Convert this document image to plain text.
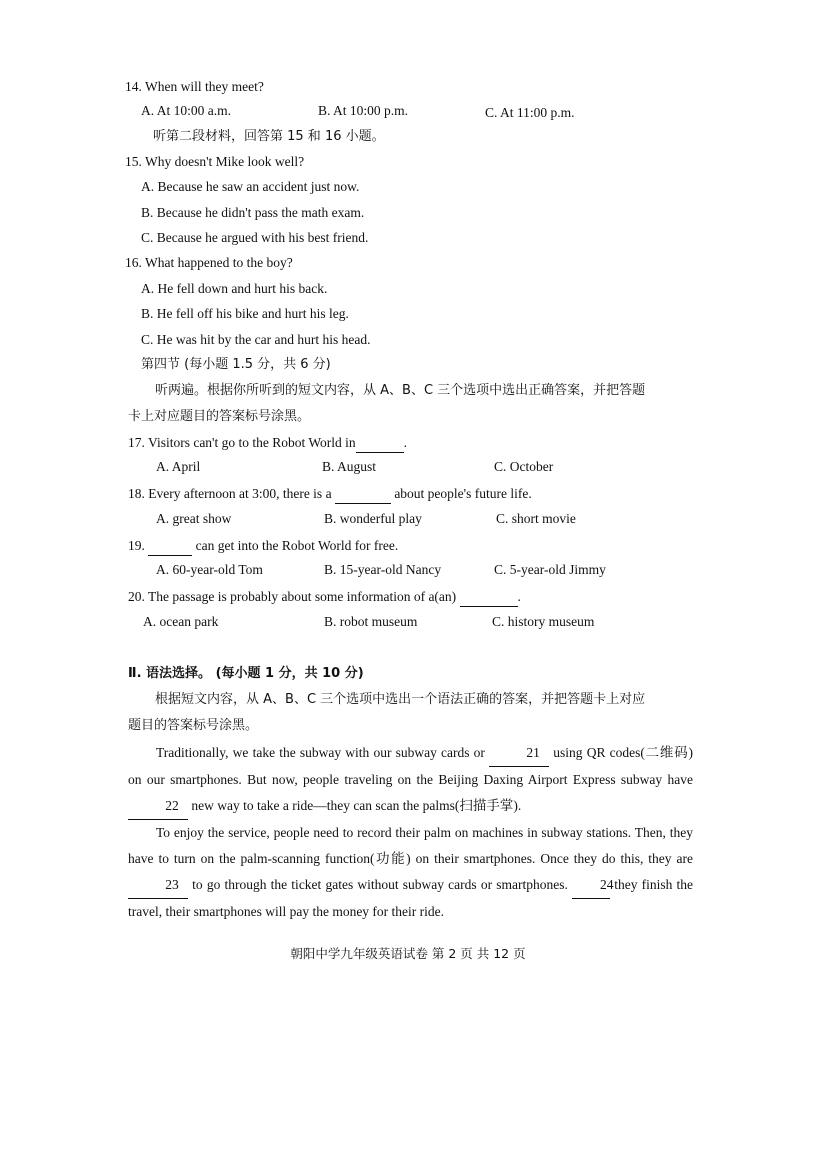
14. When will they meet?
A. At 10:00 a.m.	B. At 10:00 p.m.	C. At 11:00 p.m.
听第二段材料，回答第 15 和 16 小题。
15. Why doesn't Mike look well?
A. Because he saw an accident just now.
B. Because he didn't pass the math exam.
C. Because he argued with his best friend.
16. What happened to the boy?
A. He fell down and hurt his back.
B. He fell off his bike and hurt his leg.
C. He was hit by the car and hurt his head.
第四节 (每小题 1.5 分，共 6 分)
听两遍。根据你所听到的短文内容，从 A、B、C 三个选项中选出正确答案，并把答题
卡上对应题目的答案标号涂黑。
17. Visitors can't go to the Robot World in	.
A. April	B. August	C. October
18. Every afternoon at 3:00, there is a	about people's future life.
A. great show	B. wonderful play	C. short movie
19.	can get into the Robot World for free.
A. 60-year-old Tom	B. 15-year-old Nancy	C. 5-year-old Jimmy
20. The passage is probably about some information of a(an)	.
A. ocean park	B. robot museum	C. history museum
Ⅱ. 语法选择。 (每小题 1 分，共 10 分)
根据短文内容，从 A、B、C 三个选项中选出一个语法正确的答案，并把答题卡上对应
题目的答案标号涂黑。

Traditionally, we take the subway with our subway cards or	21 using QR codes(二维码) on our smartphones. But now, people traveling on the Beijing Daxing Airport Express subway have 22 new way to take a ride—they can scan the palms(扫描手掌).

To enjoy the service, people need to record their palm on machines in subway stations. Then, they have to turn on the palm-scanning function(功能) on their smartphones. Once they do this, they are 23 to go through the ticket gates without subway cards or smartphones. 24 they finish the travel, their smartphones will pay the money for their ride.

朝阳中学九年级英语试卷 第 2 页 共 12 页
